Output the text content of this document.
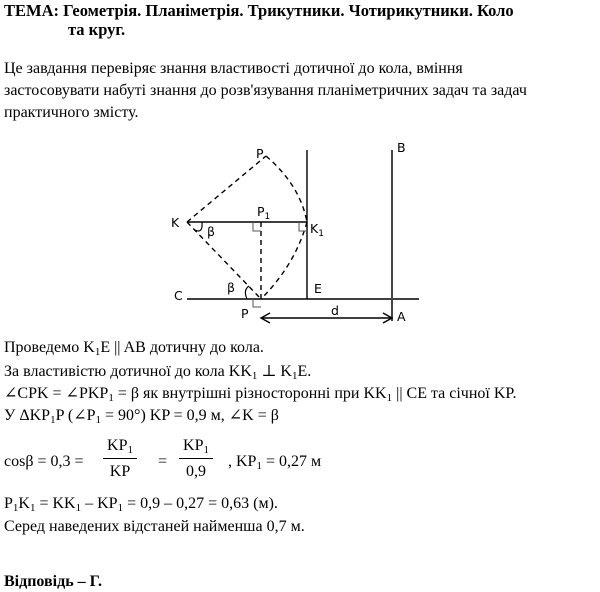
ТЕМА: Геометрія. Планіметрія. Трикутники. Чотирикутники. Коло
та круг.
Це завдання перевіряє знання властивості дотичної до кола, вміння
застосовувати набуті знання до розв'язування планіметричних задач та задач
практичного змісту.
P	B
$P_1$
K	$K_1$
β
β
C	E
P	d	A
Проведемо $K_1E$ || AB дотичну до кола.
За властивістю дотичної до кола $KK_1$ ⊥ $K_1E$.
∠CPK = $\angle PKP_1 = \beta$ як внутрішні різносторонні при $KK_1$ || CE та січної KP.
У $\Delta KP_1P$ $(\angle P_1 = 90^\circ)$ KP = 0,9 м, ∠K = β
$\cos\beta = 0,3 = \frac{KP_1}{KP} = \frac{KP_1}{0,9}$ , $KP_1 = 0,27$ м
$P_1K_1 = KK_1 - KP_1 = 0,9 - 0,27 = 0,63$ (м).
Серед наведених відстаней найменша 0,7 м.
Відповідь – Г.
